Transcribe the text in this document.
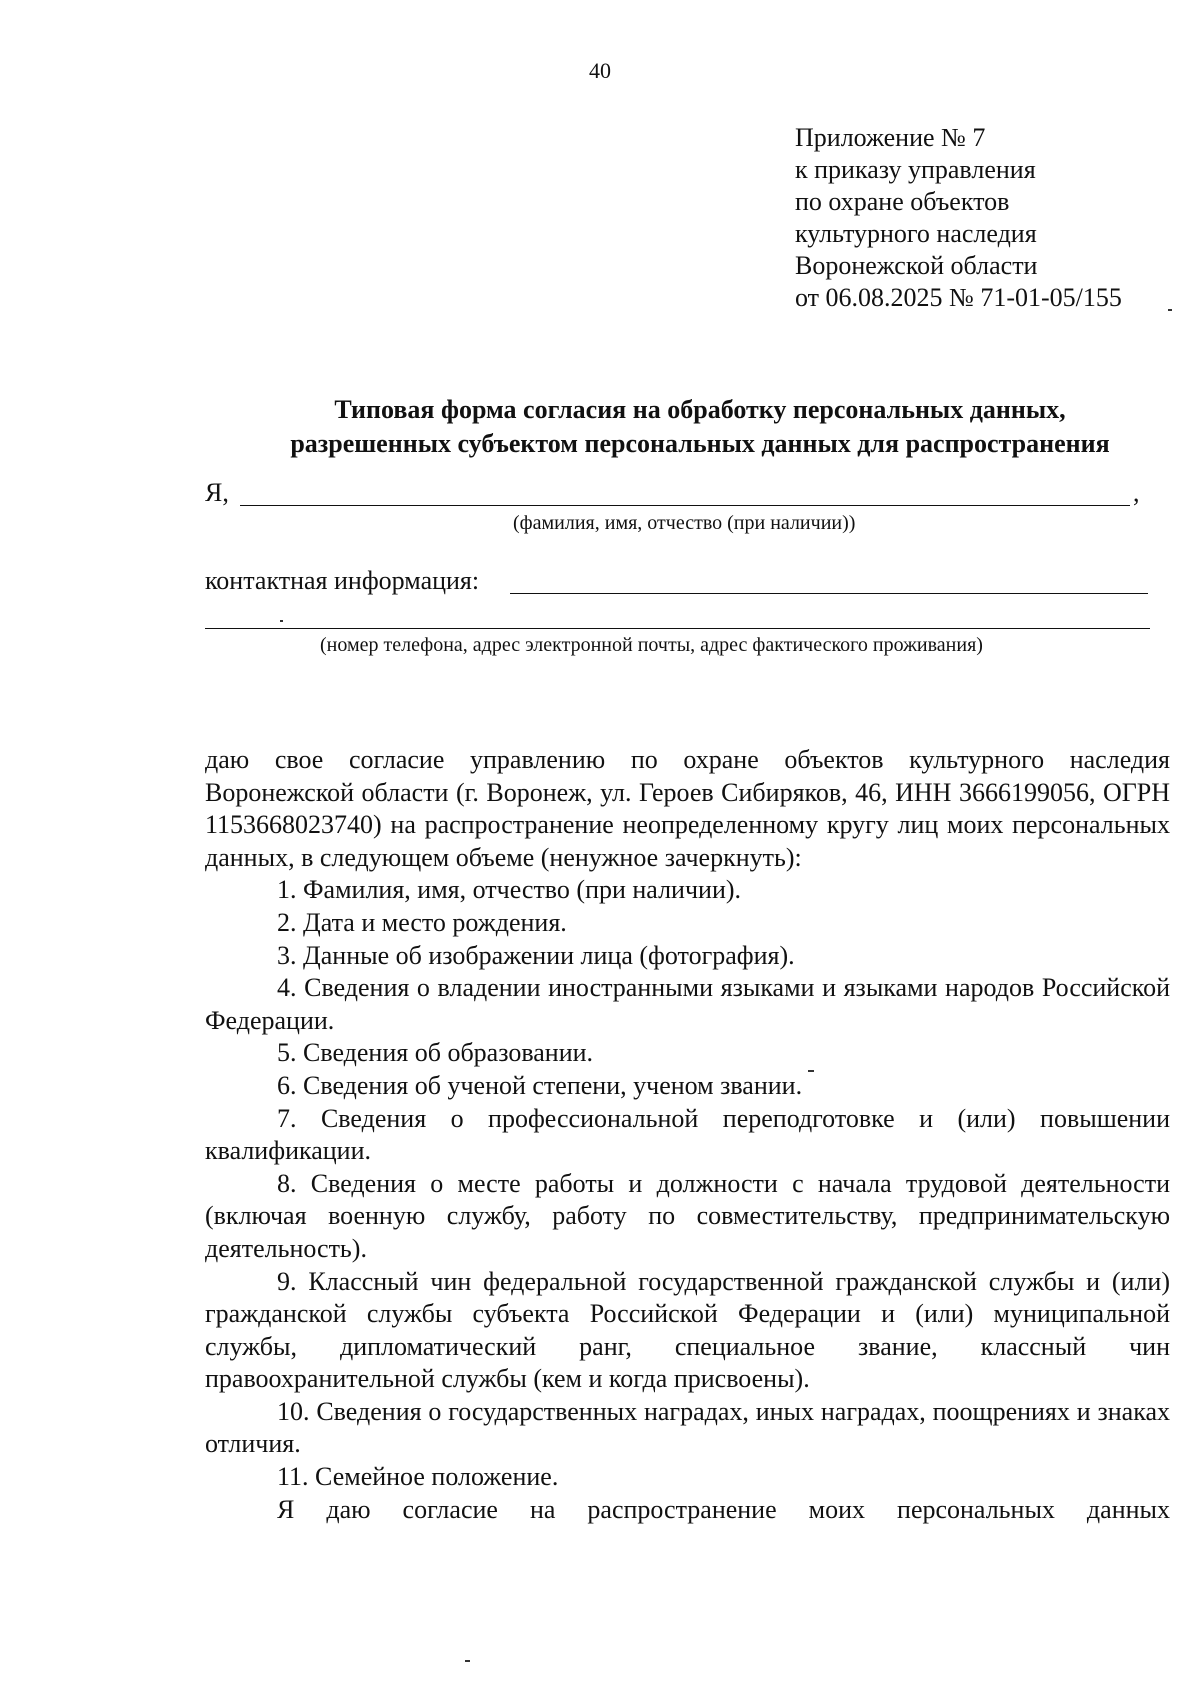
40
Приложение № 7
к приказу управления
по охране объектов
культурного наследия
Воронежской области
от 06.08.2025 № 71-01-05/155
Типовая форма согласия на обработку персональных данных,
разрешенных субъектом персональных данных для распространения
Я,	,
(фамилия, имя, отчество (при наличии))
контактная информация:
(номер телефона, адрес электронной почты, адрес фактического проживания)

даю свое согласие управлению по охране объектов культурного наследия Воронежской области (г. Воронеж, ул. Героев Сибиряков, 46, ИНН 3666199056, ОГРН 1153668023740) на распространение неопределенному кругу лиц моих персональных данных, в следующем объеме (ненужное зачеркнуть):

1. Фамилия, имя, отчество (при наличии).

2. Дата и место рождения.

3. Данные об изображении лица (фотография).

4. Сведения о владении иностранными языками и языками народов Российской Федерации.

5. Сведения об образовании.

6. Сведения об ученой степени, ученом звании.

7. Сведения о профессиональной переподготовке и (или) повышении квалификации.

8. Сведения о месте работы и должности с начала трудовой деятельности (включая военную службу, работу по совместительству, предпринимательскую деятельность).

9. Классный чин федеральной государственной гражданской службы и (или) гражданской службы субъекта Российской Федерации и (или) муниципальной службы, дипломатический ранг, специальное звание, классный чин правоохранительной службы (кем и когда присвоены).

10. Сведения о государственных наградах, иных наградах, поощрениях и знаках отличия.

11. Семейное положение.

Я даю согласие на распространение моих персональных данных
